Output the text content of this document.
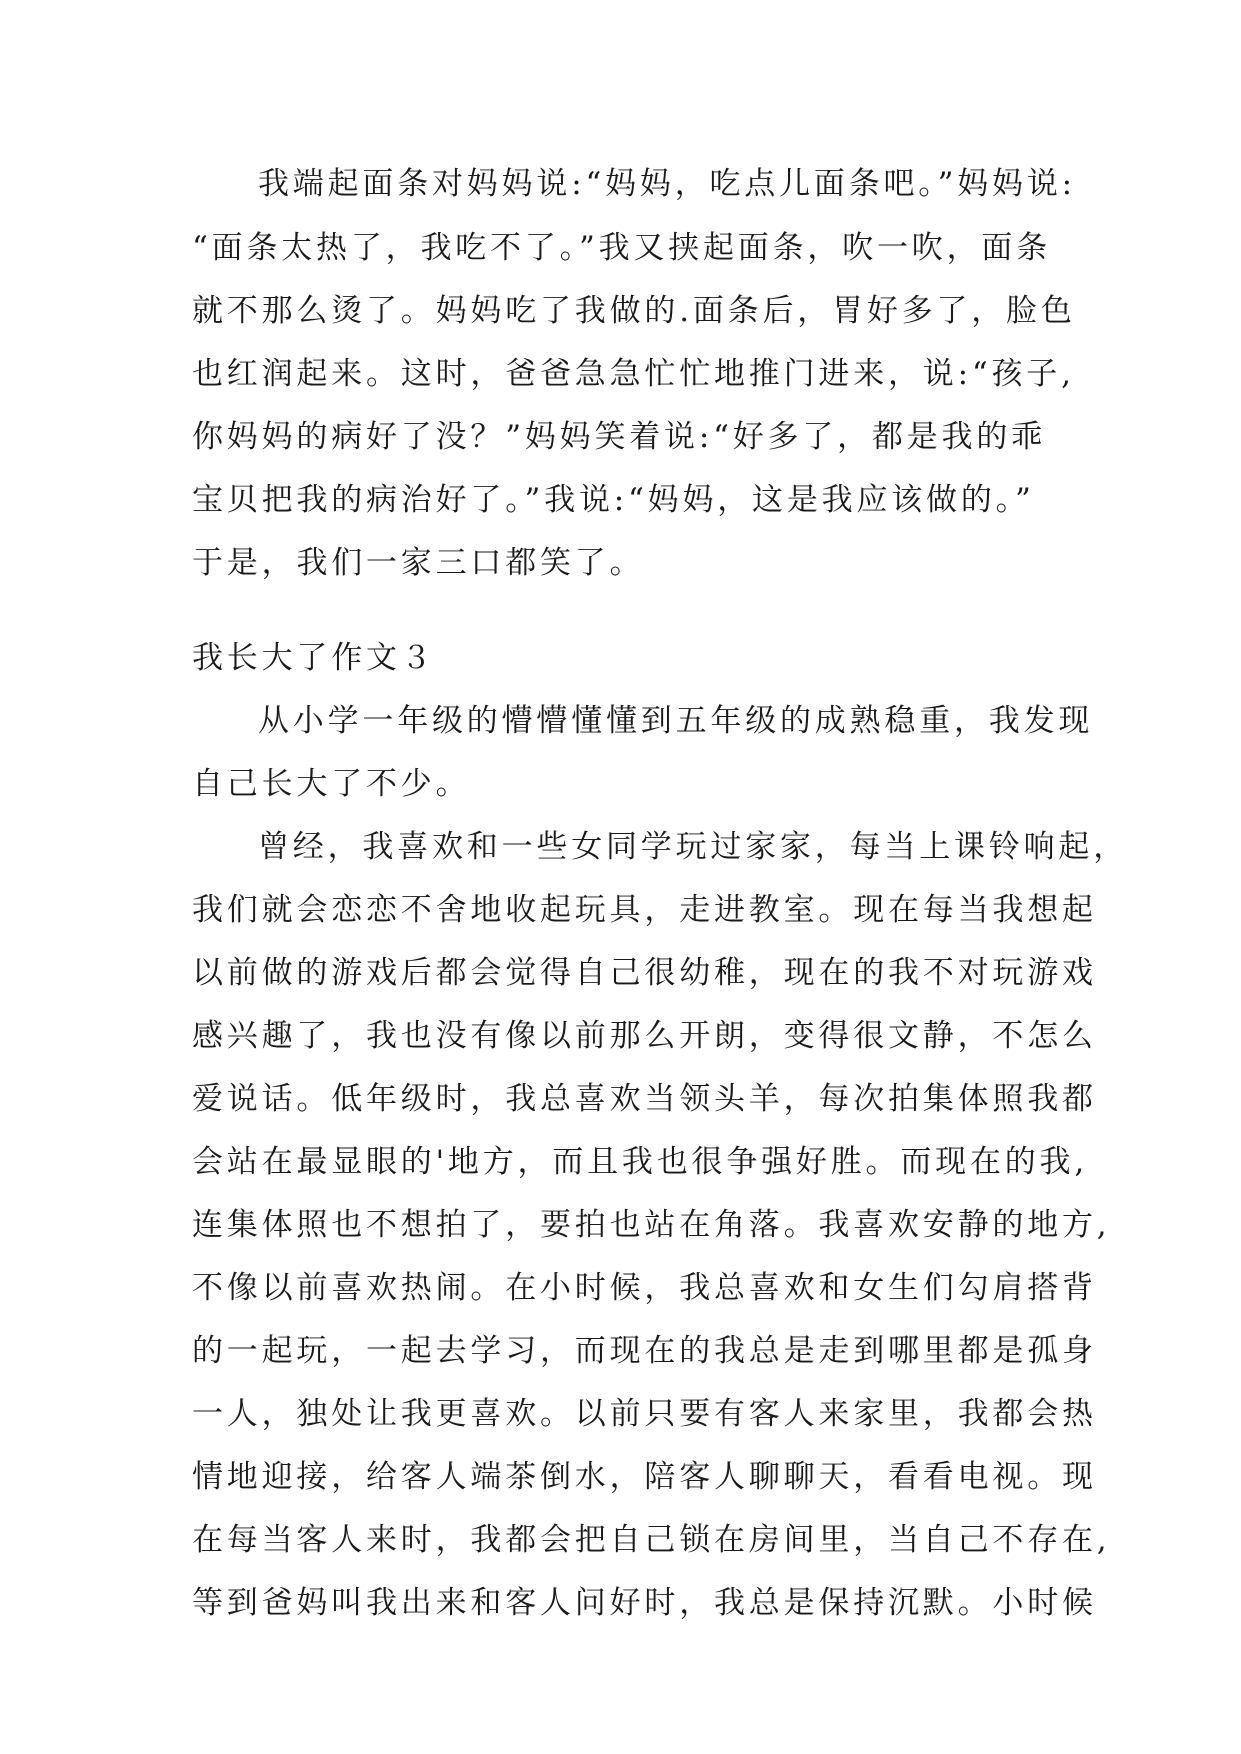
我端起面条对妈妈说:“妈妈，吃点儿面条吧。”妈妈说:
“面条太热了，我吃不了。”我又挟起面条，吹一吹，面条
就不那么烫了。妈妈吃了我做的.面条后，胃好多了，脸色
也红润起来。这时，爸爸急急忙忙地推门进来，说:“孩子,
你妈妈的病好了没？”妈妈笑着说:“好多了，都是我的乖
宝贝把我的病治好了。”我说:“妈妈，这是我应该做的。”
于是，我们一家三口都笑了。
我长大了作文３
从小学一年级的懵懵懂懂到五年级的成熟稳重，我发现
自己长大了不少。
曾经，我喜欢和一些女同学玩过家家，每当上课铃响起，
我们就会恋恋不舍地收起玩具，走进教室。现在每当我想起
以前做的游戏后都会觉得自己很幼稚，现在的我不对玩游戏
感兴趣了，我也没有像以前那么开朗，变得很文静，不怎么
爱说话。低年级时，我总喜欢当领头羊，每次拍集体照我都
会站在最显眼的'地方，而且我也很争强好胜。而现在的我,
连集体照也不想拍了，要拍也站在角落。我喜欢安静的地方,
不像以前喜欢热闹。在小时候，我总喜欢和女生们勾肩搭背
的一起玩，一起去学习，而现在的我总是走到哪里都是孤身
一人，独处让我更喜欢。以前只要有客人来家里，我都会热
情地迎接，给客人端茶倒水，陪客人聊聊天，看看电视。现
在每当客人来时，我都会把自己锁在房间里，当自己不存在,
等到爸妈叫我出来和客人问好时，我总是保持沉默。小时候
